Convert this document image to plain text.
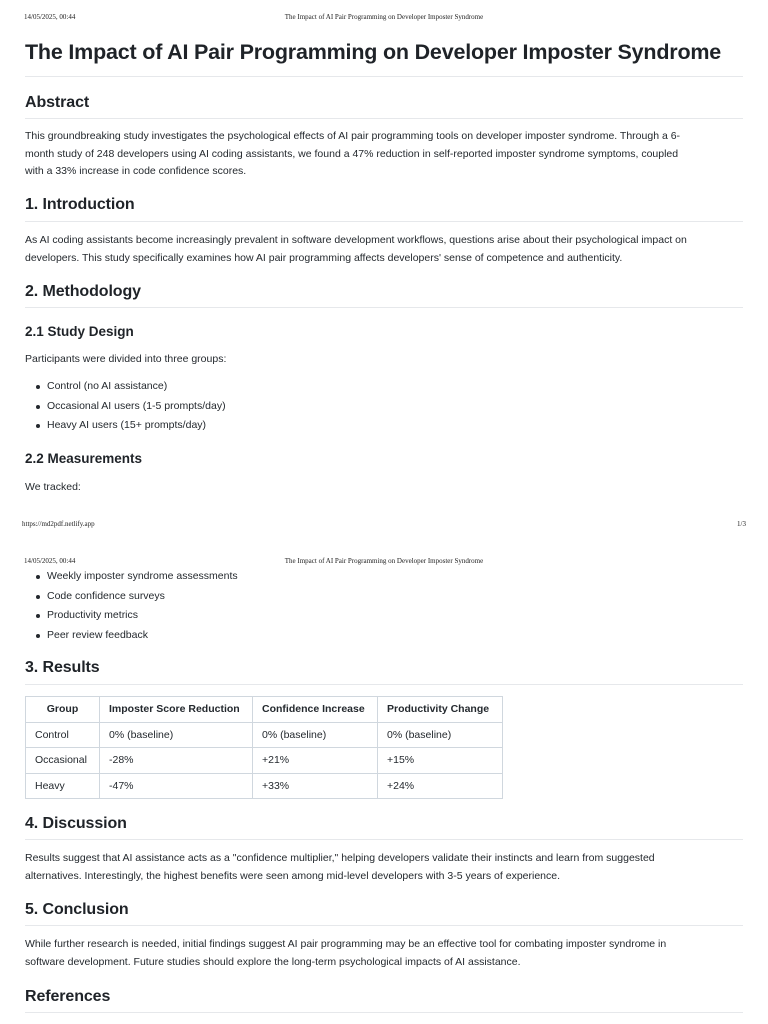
14/05/2025, 00:44	The Impact of AI Pair Programming on Developer Imposter Syndrome
The Impact of AI Pair Programming on Developer Imposter Syndrome
Abstract
This groundbreaking study investigates the psychological effects of AI pair programming tools on developer imposter syndrome. Through a 6-
month study of 248 developers using AI coding assistants, we found a 47% reduction in self-reported imposter syndrome symptoms, coupled
with a 33% increase in code confidence scores.
1. Introduction
As AI coding assistants become increasingly prevalent in software development workflows, questions arise about their psychological impact on
developers. This study specifically examines how AI pair programming affects developers' sense of competence and authenticity.
2. Methodology
2.1 Study Design
Participants were divided into three groups:
Control (no AI assistance)
Occasional AI users (1-5 prompts/day)
Heavy AI users (15+ prompts/day)
2.2 Measurements
We tracked:
https://md2pdf.netlify.app	1/3
14/05/2025, 00:44	The Impact of AI Pair Programming on Developer Imposter Syndrome
Weekly imposter syndrome assessments
Code confidence surveys
Productivity metrics
Peer review feedback
3. Results
Group	Imposter Score Reduction	Confidence Increase	Productivity Change
Control	0% (baseline)	0% (baseline)	0% (baseline)
Occasional	-28%	+21%	+15%
Heavy	-47%	+33%	+24%
4. Discussion
Results suggest that AI assistance acts as a "confidence multiplier," helping developers validate their instincts and learn from suggested
alternatives. Interestingly, the highest benefits were seen among mid-level developers with 3-5 years of experience.
5. Conclusion
While further research is needed, initial findings suggest AI pair programming may be an effective tool for combating imposter syndrome in
software development. Future studies should explore the long-term psychological impacts of AI assistance.
References
